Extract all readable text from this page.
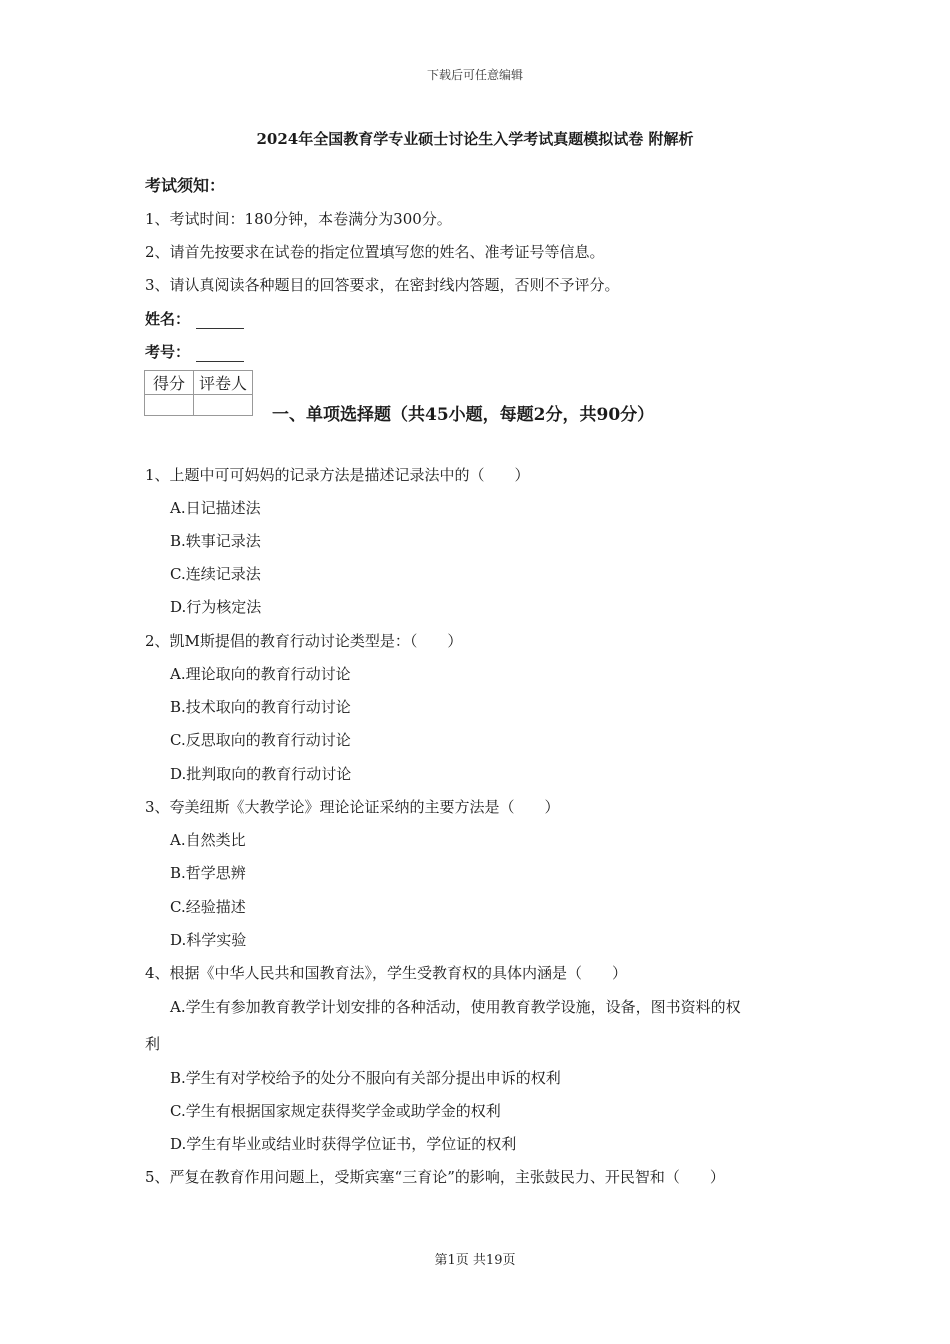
下载后可任意编辑
2024年全国教育学专业硕士讨论生入学考试真题模拟试卷 附解析
考试须知：
1、考试时间：180分钟，本卷满分为300分。
2、请首先按要求在试卷的指定位置填写您的姓名、准考证号等信息。
3、请认真阅读各种题目的回答要求，在密封线内答题，否则不予评分。
姓名：
考号：
得分	评卷人

一、单项选择题（共45小题，每题2分，共90分）
1、上题中可可妈妈的记录方法是描述记录法中的（　　）
A.日记描述法
B.轶事记录法
C.连续记录法
D.行为核定法
2、凯M斯提倡的教育行动讨论类型是：（　　）
A.理论取向的教育行动讨论
B.技术取向的教育行动讨论
C.反思取向的教育行动讨论
D.批判取向的教育行动讨论
3、夸美纽斯《大教学论》理论论证采纳的主要方法是（　　）
A.自然类比
B.哲学思辨
C.经验描述
D.科学实验
4、根据《中华人民共和国教育法》，学生受教育权的具体内涵是（　　）
A.学生有参加教育教学计划安排的各种活动，使用教育教学设施，设备，图书资料的权
利
B.学生有对学校给予的处分不服向有关部分提出申诉的权利
C.学生有根据国家规定获得奖学金或助学金的权利
D.学生有毕业或结业时获得学位证书，学位证的权利
5、严复在教育作用问题上，受斯宾塞“三育论”的影响，主张鼓民力、开民智和（　　）
第1页 共19页
